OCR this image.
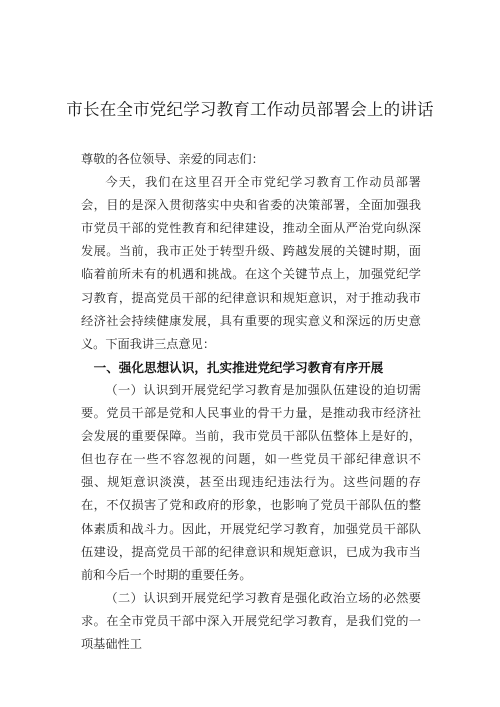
市长在全市党纪学习教育工作动员部署会上的讲话

尊敬的各位领导、亲爱的同志们：

今天，我们在这里召开全市党纪学习教育工作动员部署会，目的是深入贯彻落实中央和省委的决策部署，全面加强我市党员干部的党性教育和纪律建设，推动全面从严治党向纵深发展。当前，我市正处于转型升级、跨越发展的关键时期，面临着前所未有的机遇和挑战。在这个关键节点上，加强党纪学习教育，提高党员干部的纪律意识和规矩意识，对于推动我市经济社会持续健康发展，具有重要的现实意义和深远的历史意义。下面我讲三点意见：

一、强化思想认识，扎实推进党纪学习教育有序开展

（一）认识到开展党纪学习教育是加强队伍建设的迫切需要。党员干部是党和人民事业的骨干力量，是推动我市经济社会发展的重要保障。当前，我市党员干部队伍整体上是好的，但也存在一些不容忽视的问题，如一些党员干部纪律意识不强、规矩意识淡漠，甚至出现违纪违法行为。这些问题的存在，不仅损害了党和政府的形象，也影响了党员干部队伍的整体素质和战斗力。因此，开展党纪学习教育，加强党员干部队伍建设，提高党员干部的纪律意识和规矩意识，已成为我市当前和今后一个时期的重要任务。

（二）认识到开展党纪学习教育是强化政治立场的必然要求。在全市党员干部中深入开展党纪学习教育，是我们党的一项基础性工
